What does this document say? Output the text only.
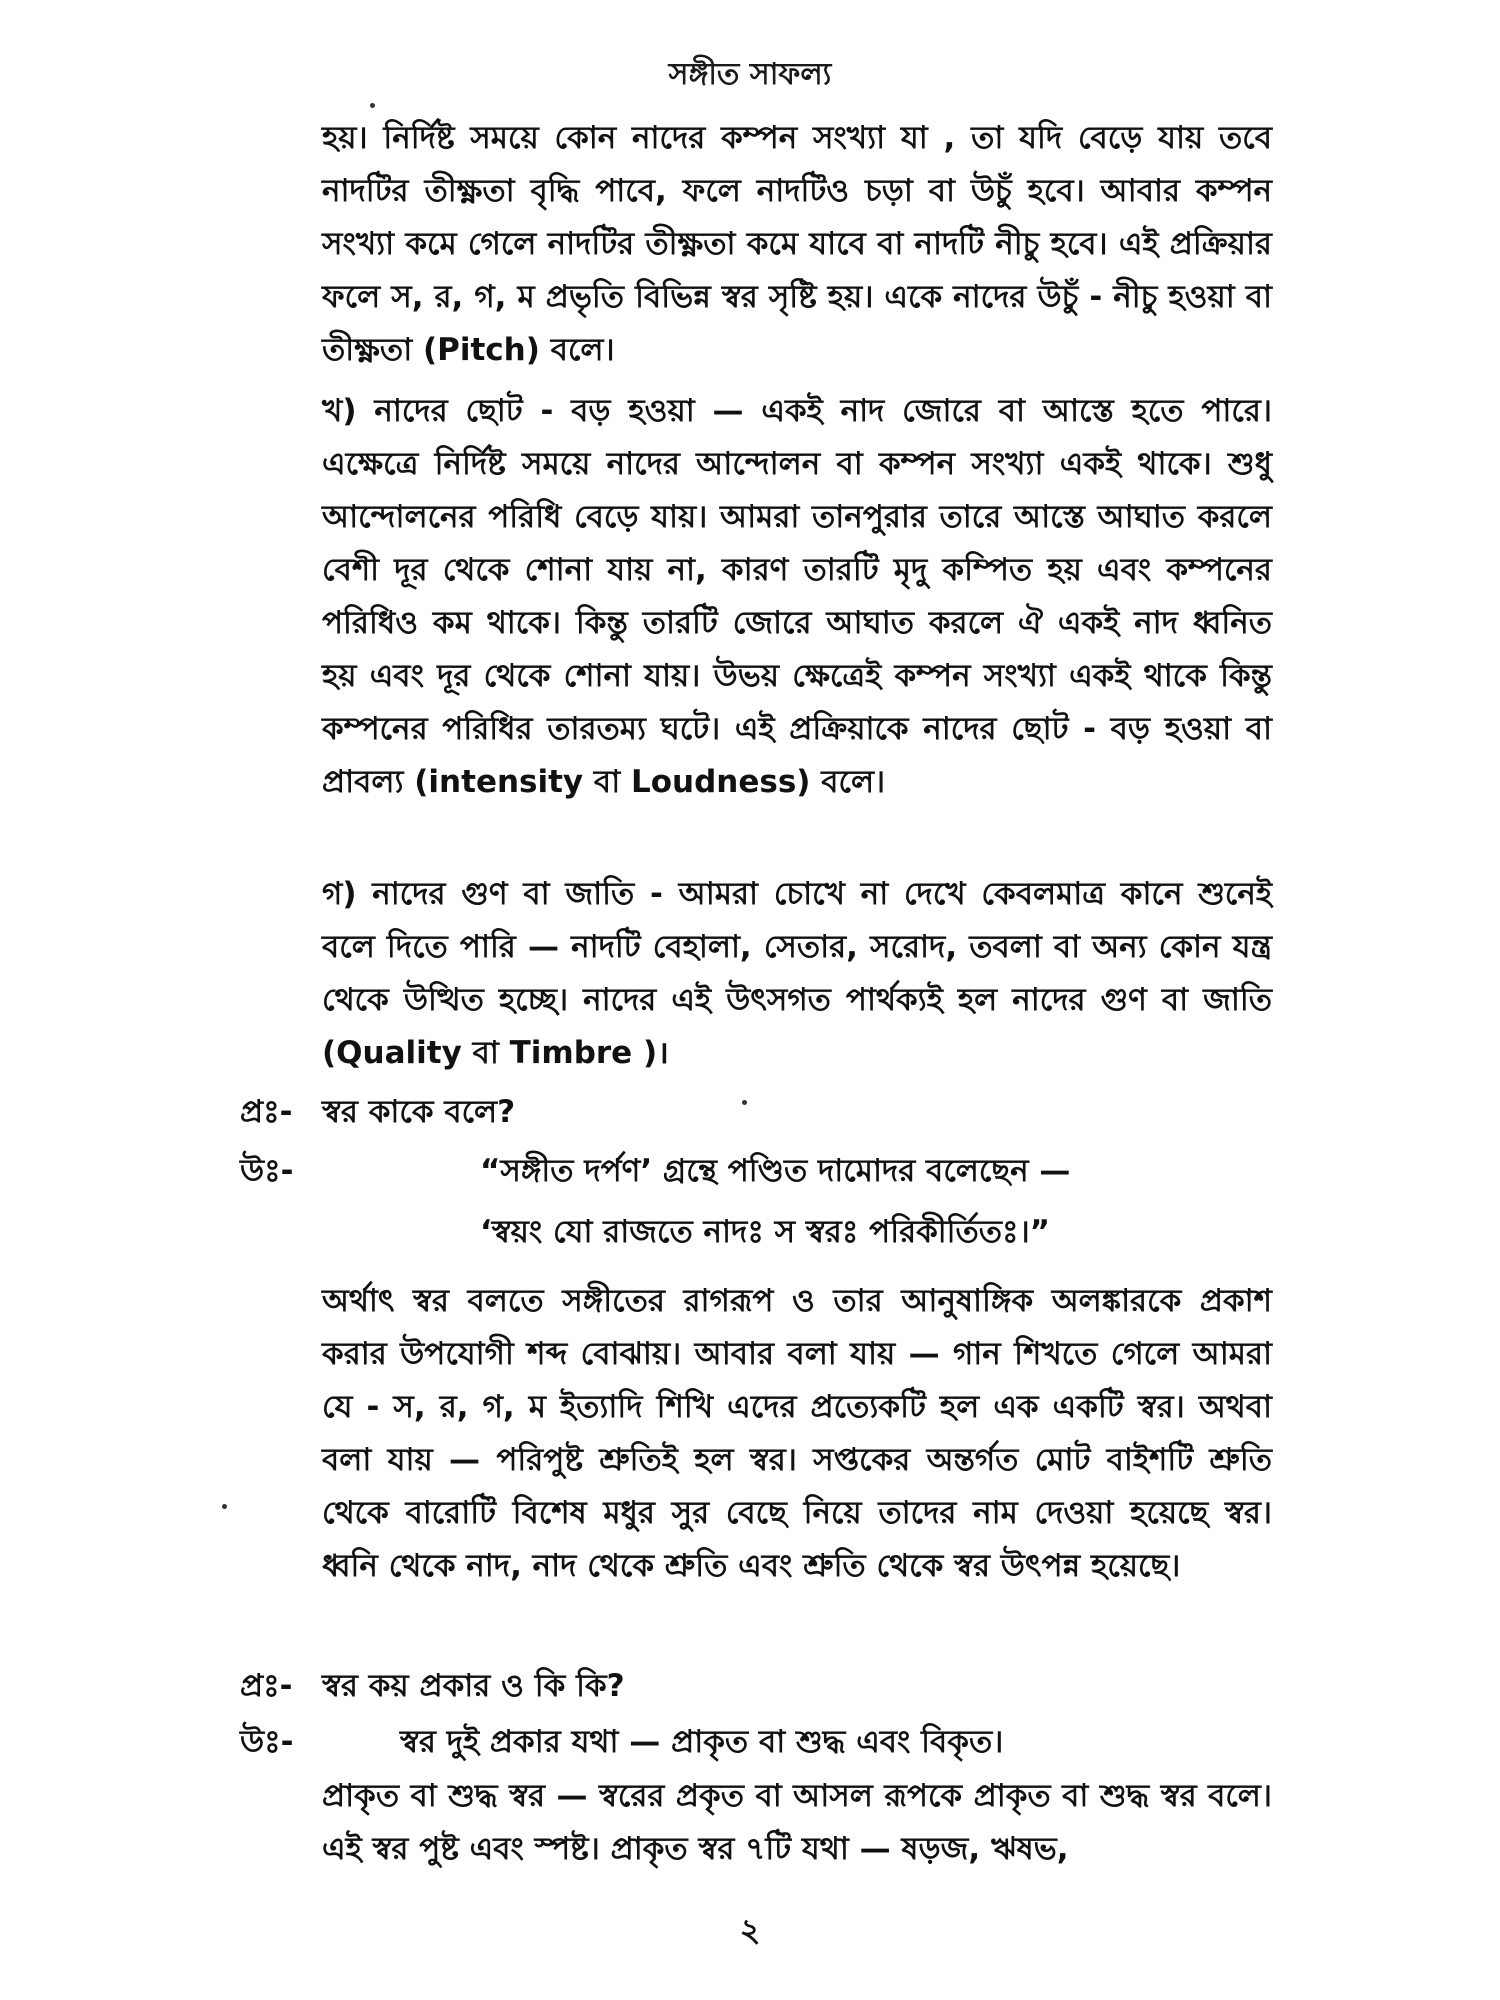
সঙ্গীত সাফল্য
হয়। নির্দিষ্ট সময়ে কোন নাদের কম্পন সংখ্যা যা , তা যদি বেড়ে যায় তবে নাদটির তীক্ষ্ণতা বৃদ্ধি পাবে, ফলে নাদটিও চড়া বা উচুঁ হবে। আবার কম্পন সংখ্যা কমে গেলে নাদটির তীক্ষ্ণতা কমে যাবে বা নাদটি নীচু হবে। এই প্রক্রিয়ার ফলে স, র, গ, ম প্রভৃতি বিভিন্ন স্বর সৃষ্টি হয়। একে নাদের উচুঁ - নীচু হওয়া বা তীক্ষ্ণতা (Pitch) বলে।
খ) নাদের ছোট - বড় হওয়া — একই নাদ জোরে বা আস্তে হতে পারে। এক্ষেত্রে নির্দিষ্ট সময়ে নাদের আন্দোলন বা কম্পন সংখ্যা একই থাকে। শুধু আন্দোলনের পরিধি বেড়ে যায়। আমরা তানপুরার তারে আস্তে আঘাত করলে বেশী দূর থেকে শোনা যায় না, কারণ তারটি মৃদু কম্পিত হয় এবং কম্পনের পরিধিও কম থাকে। কিন্তু তারটি জোরে আঘাত করলে ঐ একই নাদ ধ্বনিত হয় এবং দূর থেকে শোনা যায়। উভয় ক্ষেত্রেই কম্পন সংখ্যা একই থাকে কিন্তু কম্পনের পরিধির তারতম্য ঘটে। এই প্রক্রিয়াকে নাদের ছোট - বড় হওয়া বা প্রাবল্য (intensity বা Loudness) বলে।
গ) নাদের গুণ বা জাতি - আমরা চোখে না দেখে কেবলমাত্র কানে শুনেই বলে দিতে পারি — নাদটি বেহালা, সেতার, সরোদ, তবলা বা অন্য কোন যন্ত্র থেকে উত্থিত হচ্ছে। নাদের এই উৎসগত পার্থক্যই হল নাদের গুণ বা জাতি (Quality বা Timbre )।
প্রঃ- স্বর কাকে বলে?
উঃ-	“সঙ্গীত দর্পণ’ গ্রন্থে পণ্ডিত দামোদর বলেছেন —
‘স্বয়ং যো রাজতে নাদঃ স স্বরঃ পরিকীর্তিতঃ।”
অর্থাৎ স্বর বলতে সঙ্গীতের রাগরূপ ও তার আনুষাঙ্গিক অলঙ্কারকে প্রকাশ করার উপযোগী শব্দ বোঝায়। আবার বলা যায় — গান শিখতে গেলে আমরা যে - স, র, গ, ম ইত্যাদি শিখি এদের প্রত্যেকটি হল এক একটি স্বর। অথবা বলা যায় — পরিপুষ্ট শ্রুতিই হল স্বর। সপ্তকের অন্তর্গত মোট বাইশটি শ্রুতি থেকে বারোটি বিশেষ মধুর সুর বেছে নিয়ে তাদের নাম দেওয়া হয়েছে স্বর। ধ্বনি থেকে নাদ, নাদ থেকে শ্রুতি এবং শ্রুতি থেকে স্বর উৎপন্ন হয়েছে।
প্রঃ- স্বর কয় প্রকার ও কি কি?
উঃ-	স্বর দুই প্রকার যথা — প্রাকৃত বা শুদ্ধ এবং বিকৃত।
প্রাকৃত বা শুদ্ধ স্বর — স্বরের প্রকৃত বা আসল রূপকে প্রাকৃত বা শুদ্ধ স্বর বলে। এই স্বর পুষ্ট এবং স্পষ্ট। প্রাকৃত স্বর ৭টি যথা — ষড়জ, ঋষভ,
২
